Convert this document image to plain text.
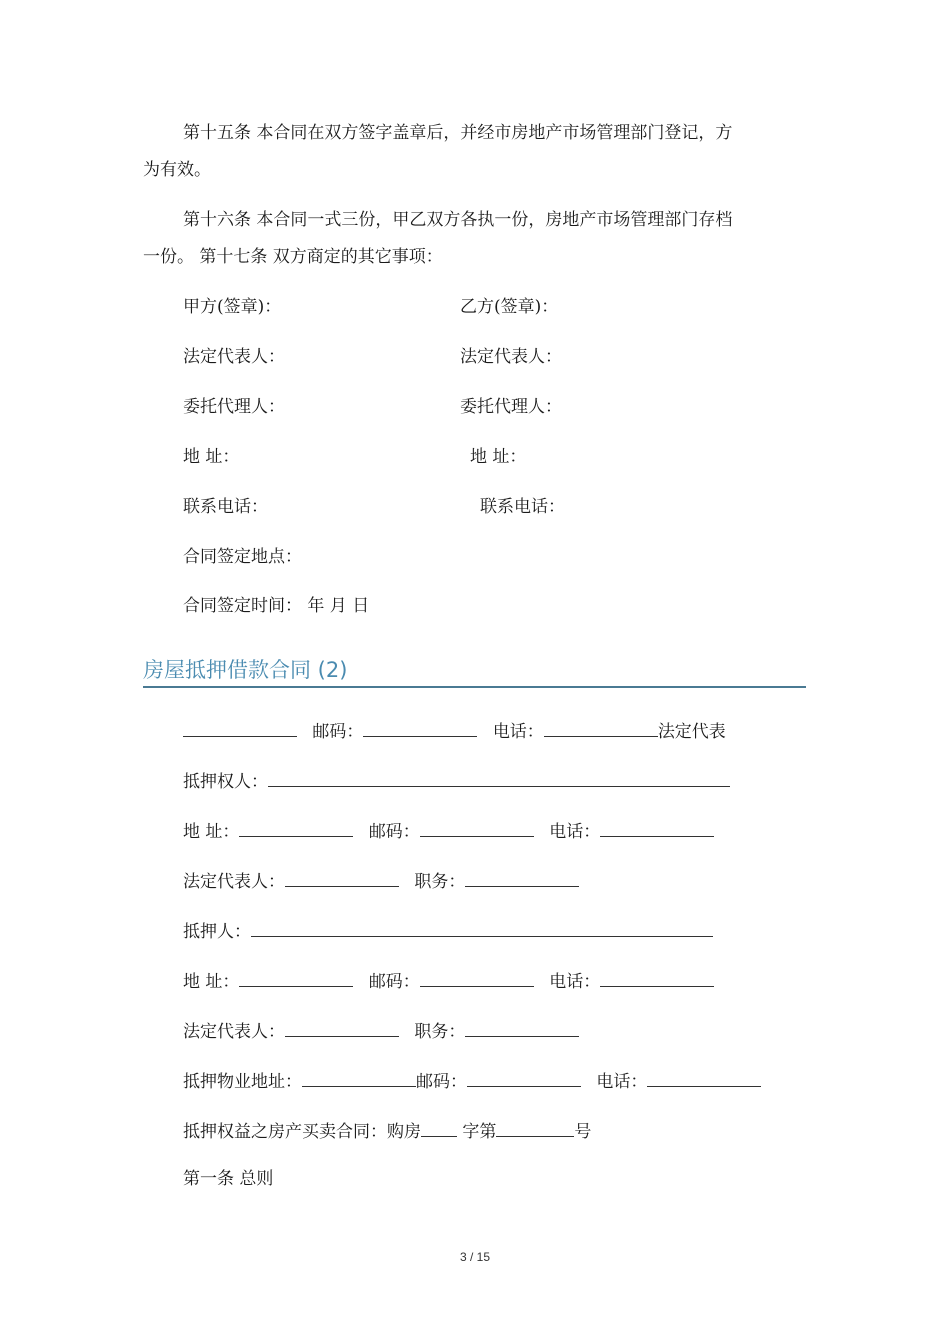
第十五条 本合同在双方签字盖章后，并经市房地产市场管理部门登记，方
为有效。
第十六条 本合同一式三份，甲乙双方各执一份，房地产市场管理部门存档
一份。 第十七条 双方商定的其它事项：
甲方(签章)：	乙方(签章)：
法定代表人：	法定代表人：
委托代理人：	委托代理人：
地 址：	地 址：
联系电话：	联系电话：
合同签定地点：
合同签定时间： 年 月 日
房屋抵押借款合同 (2)
邮码：	电话：	法定代表
抵押权人：
地 址：	邮码：	电话：
法定代表人：	职务：
抵押人：
地 址：	邮码：	电话：
法定代表人：	职务：
抵押物业地址：	邮码：	电话：
抵押权益之房产买卖合同：购房 字第	号
第一条 总则
3 / 15
